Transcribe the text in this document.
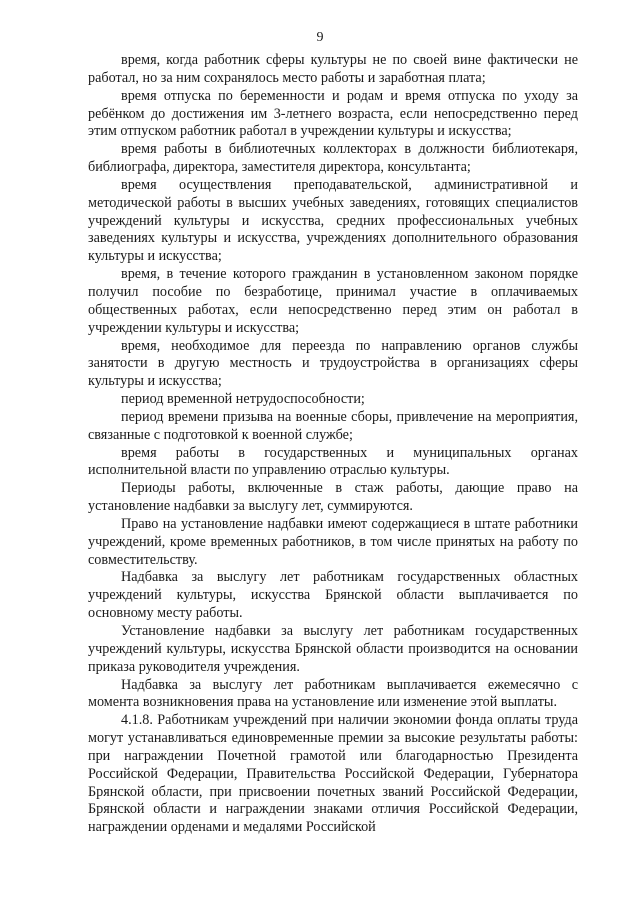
9

время, когда работник сферы культуры не по своей вине фактически не работал, но за ним сохранялось место работы и заработная плата;

время отпуска по беременности и родам и время отпуска по уходу за ребёнком до достижения им 3-летнего возраста, если непосредственно перед этим отпуском работник работал в учреждении культуры и искусства;

время работы в библиотечных коллекторах в должности библиотекаря, библиографа, директора, заместителя директора, консультанта;

время осуществления преподавательской, административной и методической работы в высших учебных заведениях, готовящих специалистов учреждений культуры и искусства, средних профессиональных учебных заведениях культуры и искусства, учреждениях дополнительного образования культуры и искусства;

время, в течение которого гражданин в установленном законом порядке получил пособие по безработице, принимал участие в оплачиваемых общественных работах, если непосредственно перед этим он работал в учреждении культуры и искусства;

время, необходимое для переезда по направлению органов службы занятости в другую местность и трудоустройства в организациях сферы культуры и искусства;

период временной нетрудоспособности;

период времени призыва на военные сборы, привлечение на мероприятия, связанные с подготовкой к военной службе;

время работы в государственных и муниципальных органах исполнительной власти по управлению отраслью культуры.

Периоды работы, включенные в стаж работы, дающие право на установление надбавки за выслугу лет, суммируются.

Право на установление надбавки имеют содержащиеся в штате работники учреждений, кроме временных работников, в том числе принятых на работу по совместительству.

Надбавка за выслугу лет работникам государственных областных учреждений культуры, искусства Брянской области выплачивается по основному месту работы.

Установление надбавки за выслугу лет работникам государственных учреждений культуры, искусства Брянской области производится на основании приказа руководителя учреждения.

Надбавка за выслугу лет работникам выплачивается ежемесячно с момента возникновения права на установление или изменение этой выплаты.

4.1.8. Работникам учреждений при наличии экономии фонда оплаты труда могут устанавливаться единовременные премии за высокие результаты работы: при награждении Почетной грамотой или благодарностью Президента Российской Федерации, Правительства Российской Федерации, Губернатора Брянской области, при присвоении почетных званий Российской Федерации, Брянской области и награждении знаками отличия Российской Федерации, награждении орденами и медалями Российской
